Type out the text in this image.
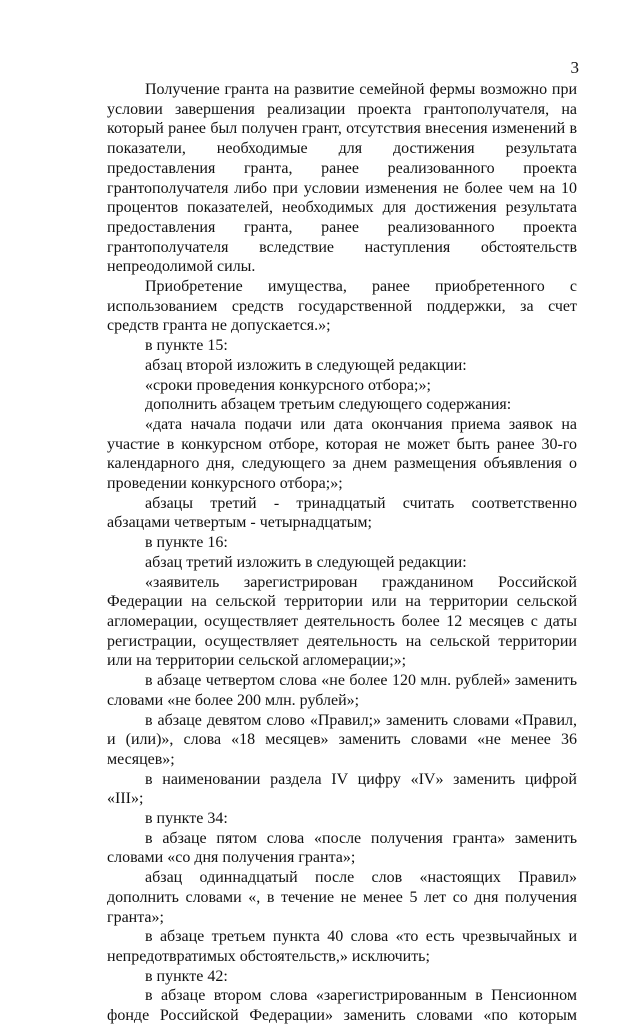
3

Получение гранта на развитие семейной фермы возможно при условии завершения реализации проекта грантополучателя, на который ранее был получен грант, отсутствия внесения изменений в показатели, необходимые для достижения результата предоставления гранта, ранее реализованного проекта грантополучателя либо при условии изменения не более чем на 10 процентов показателей, необходимых для достижения результата предоставления гранта, ранее реализованного проекта грантополучателя вследствие наступления обстоятельств непреодолимой силы.

Приобретение имущества, ранее приобретенного с использованием средств государственной поддержки, за счет средств гранта не допускается.»;

в пункте 15:

абзац второй изложить в следующей редакции:

«сроки проведения конкурсного отбора;»;

дополнить абзацем третьим следующего содержания:

«дата начала подачи или дата окончания приема заявок на участие в конкурсном отборе, которая не может быть ранее 30-го календарного дня, следующего за днем размещения объявления о проведении конкурсного отбора;»;

абзацы третий - тринадцатый считать соответственно абзацами четвертым - четырнадцатым;

в пункте 16:

абзац третий изложить в следующей редакции:

«заявитель зарегистрирован гражданином Российской Федерации на сельской территории или на территории сельской агломерации, осуществляет деятельность более 12 месяцев с даты регистрации, осуществляет деятельность на сельской территории или на территории сельской агломерации;»;

в абзаце четвертом слова «не более 120 млн. рублей» заменить словами «не более 200 млн. рублей»;

в абзаце девятом слово «Правил;» заменить словами «Правил, и (или)», слова «18 месяцев» заменить словами «не менее 36 месяцев»;

в наименовании раздела IV цифру «IV» заменить цифрой «III»;

в пункте 34:

в абзаце пятом слова «после получения гранта» заменить словами «со дня получения гранта»;

абзац одиннадцатый после слов «настоящих Правил» дополнить словами «, в течение не менее 5 лет со дня получения гранта»;

в абзаце третьем пункта 40 слова «то есть чрезвычайных и непредотвратимых обстоятельств,» исключить;

в пункте 42:

в абзаце втором слова «зарегистрированным в Пенсионном фонде Российской Федерации» заменить словами «по которым
